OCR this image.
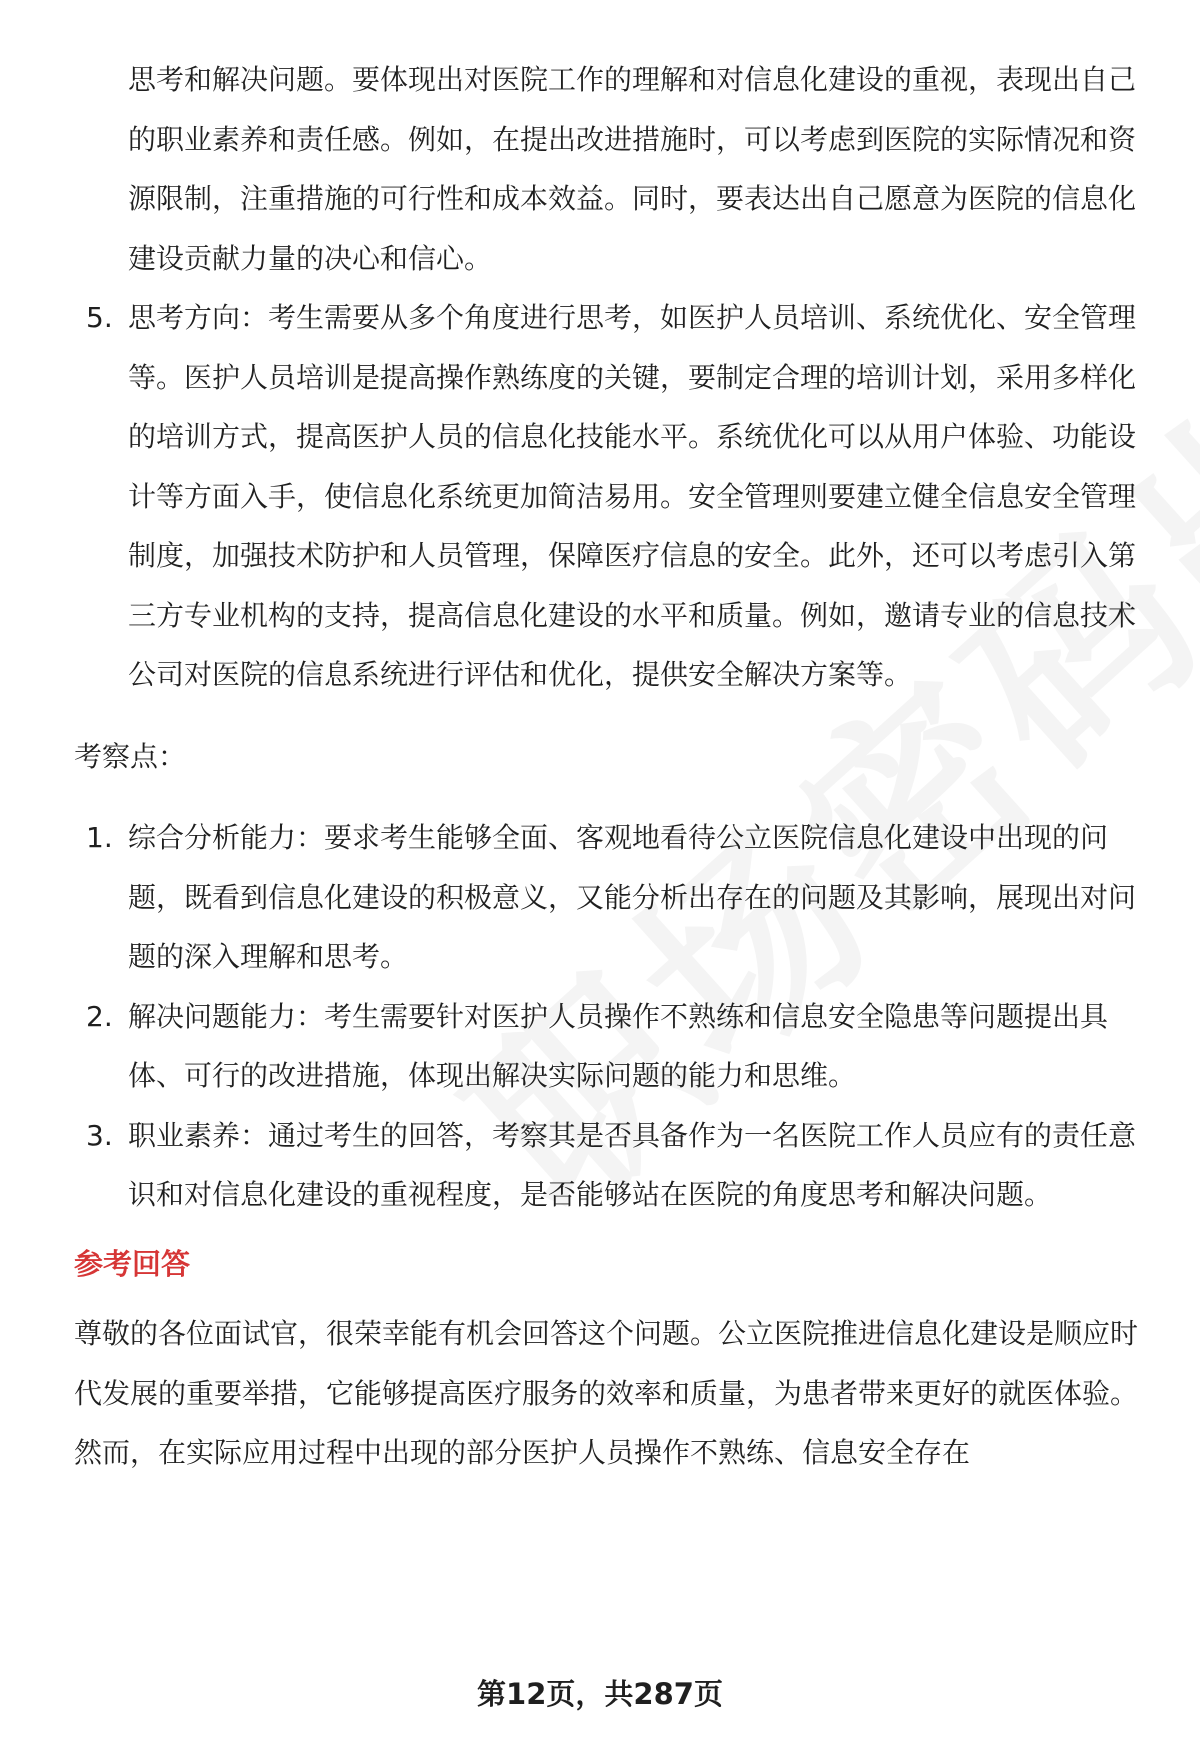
思考和解决问题。要体现出对医院工作的理解和对信息化建设的重视，表现出自己的职业素养和责任感。例如，在提出改进措施时，可以考虑到医院的实际情况和资源限制，注重措施的可行性和成本效益。同时，要表达出自己愿意为医院的信息化建设贡献力量的决心和信心。

5. 思考方向：考生需要从多个角度进行思考，如医护人员培训、系统优化、安全管理等。医护人员培训是提高操作熟练度的关键，要制定合理的培训计划，采用多样化的培训方式，提高医护人员的信息化技能水平。系统优化可以从用户体验、功能设计等方面入手，使信息化系统更加简洁易用。安全管理则要建立健全信息安全管理制度，加强技术防护和人员管理，保障医疗信息的安全。此外，还可以考虑引入第三方专业机构的支持，提高信息化建设的水平和质量。例如，邀请专业的信息技术公司对医院的信息系统进行评估和优化，提供安全解决方案等。

考察点：

1. 综合分析能力：要求考生能够全面、客观地看待公立医院信息化建设中出现的问题，既看到信息化建设的积极意义，又能分析出存在的问题及其影响，展现出对问题的深入理解和思考。
2. 解决问题能力：考生需要针对医护人员操作不熟练和信息安全隐患等问题提出具体、可行的改进措施，体现出解决实际问题的能力和思维。
3. 职业素养：通过考生的回答，考察其是否具备作为一名医院工作人员应有的责任意识和对信息化建设的重视程度，是否能够站在医院的角度思考和解决问题。

参考回答

尊敬的各位面试官，很荣幸能有机会回答这个问题。公立医院推进信息化建设是顺应时代发展的重要举措，它能够提高医疗服务的效率和质量，为患者带来更好的就医体验。然而，在实际应用过程中出现的部分医护人员操作不熟练、信息安全存在

第12页，共287页
